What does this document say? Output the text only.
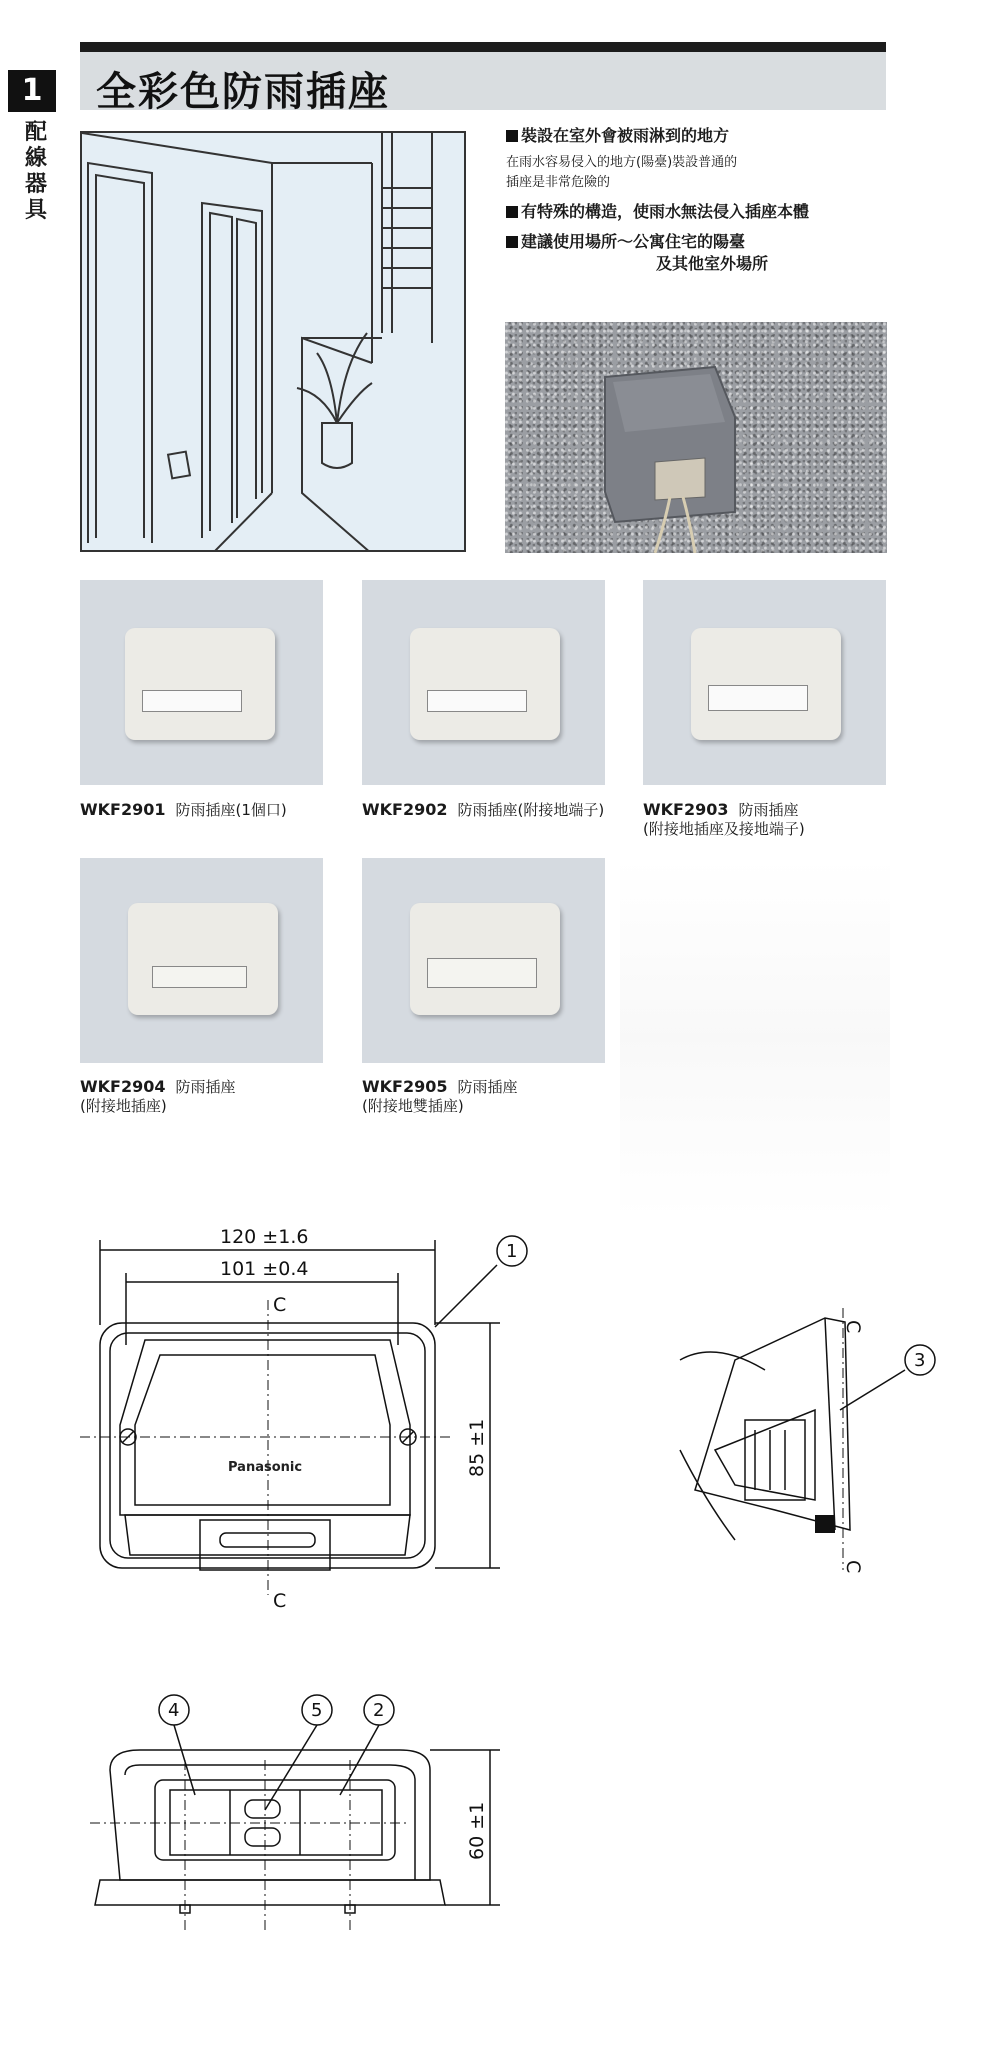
1
配線器具
全彩色防雨插座
裝設在室外會被雨淋到的地方
在雨水容易侵入的地方(陽臺)裝設普通的
插座是非常危險的
有特殊的構造，使雨水無法侵入插座本體
建議使用場所～公寓住宅的陽臺
及其他室外場所
WKF2901 防雨插座(1個口)	WKF2902 防雨插座(附接地端子) WKF2903 防雨插座
(附接地插座及接地端子)
WKF2904 防雨插座
(附接地插座)
WKF2905 防雨插座
(附接地雙插座)
120 ±1.6
101 ±0.4
85 ±1
Panasonic
C
C
1
C
C
3
60 ±1
4	5	2
